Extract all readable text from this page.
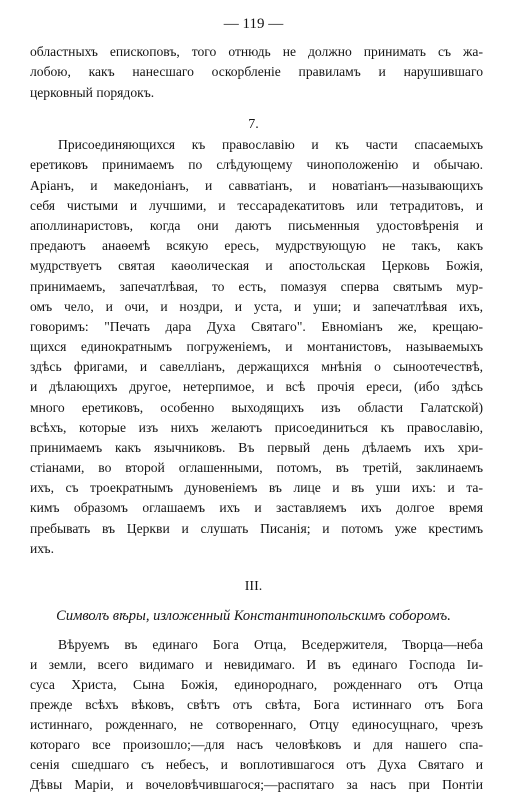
— 119 —
областныхъ епископовъ, того отнюдь не должно принимать съ жа-
лобою, какъ нанесшаго оскорбленіе правиламъ и нарушившаго
церковный порядокъ.
7.
Присоединяющихся къ православію и къ части спасаемыхъ
еретиковъ принимаемъ по слѣдующему чиноположенію и обычаю.
Аріанъ, и македоніанъ, и савватіанъ, и новатіанъ—называющихъ
себя чистыми и лучшими, и тессарадекатитовъ или тетрадитовъ, и
аполлинаристовъ, когда они даютъ письменныя удостовѣренія и
предаютъ анаѳемѣ всякую ересь, мудрствующую не такъ, какъ
мудрствуетъ святая каѳолическая и апостольская Церковь Божія,
принимаемъ, запечатлѣвая, то есть, помазуя сперва святымъ мур-
омъ чело, и очи, и ноздри, и уста, и уши; и запечатлѣвая ихъ,
говоримъ: "Печать дара Духа Святаго". Евноміанъ же, крещаю-
щихся единократнымъ погруженіемъ, и монтанистовъ, называемыхъ
здѣсь фригами, и савелліанъ, держащихся мнѣнія о сыноотечествѣ,
и дѣлающихъ другое, нетерпимое, и всѣ прочія ереси, (ибо здѣсь
много еретиковъ, особенно выходящихъ изъ области Галатской)
всѣхъ, которые изъ нихъ желаютъ присоединиться къ православію,
принимаемъ какъ язычниковъ. Въ первый день дѣлаемъ ихъ хри-
стіанами, во второй оглашенными, потомъ, въ третій, заклинаемъ
ихъ, съ троекратнымъ дуновеніемъ въ лице и въ уши ихъ: и та-
кимъ образомъ оглашаемъ ихъ и заставляемъ ихъ долгое время
пребывать въ Церкви и слушать Писанія; и потомъ уже крестимъ
ихъ.
III.
Символъ вѣры, изложенный Константинопольскимъ соборомъ.
Вѣруемъ въ единаго Бога Отца, Вседержителя, Творца—неба
и земли, всего видимаго и невидимаго. И въ единаго Господа Іи-
суса Христа, Сына Божія, единороднаго, рожденнаго отъ Отца
прежде всѣхъ вѣковъ, свѣтъ отъ свѣта, Бога истиннаго отъ Бога
истиннаго, рожденнаго, не сотвореннаго, Отцу единосущнаго, чрезъ
котораго все произошло;—для насъ человѣковъ и для нашего спа-
сенія сшедшаго съ небесъ, и воплотившагося отъ Духа Святаго и
Дѣвы Маріи, и вочеловѣчившагося;—распятаго за насъ при Понтіи
